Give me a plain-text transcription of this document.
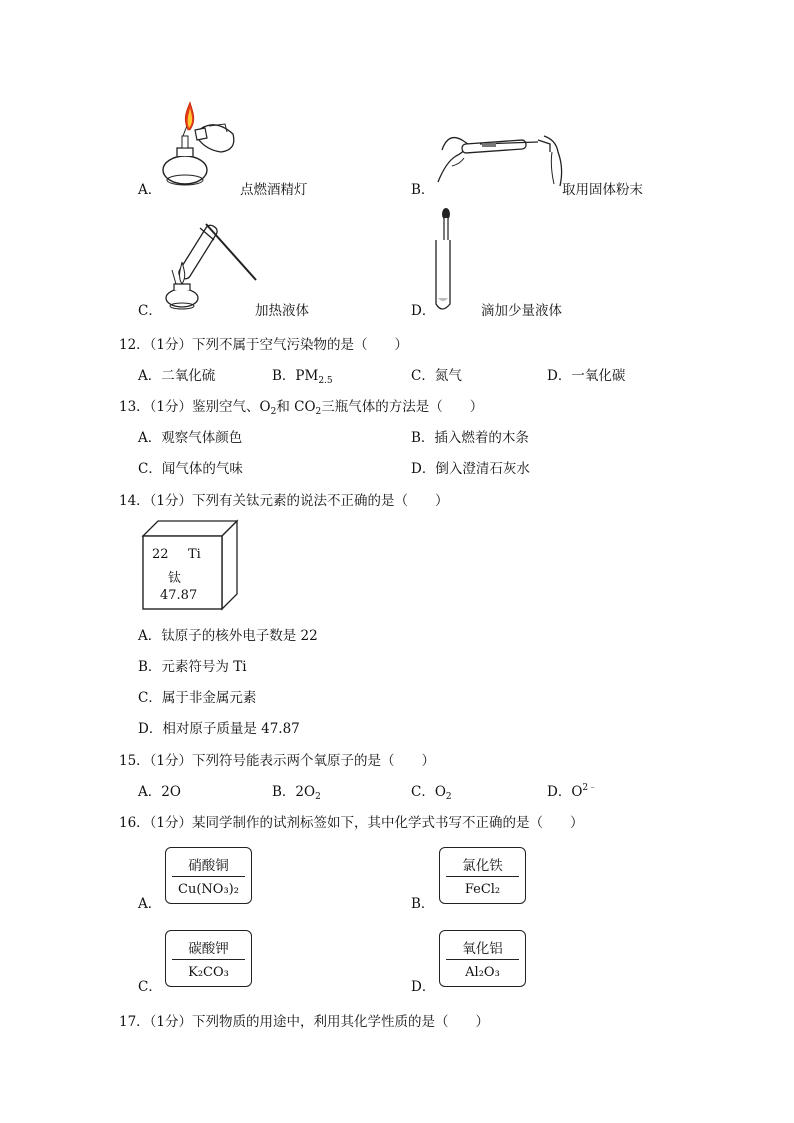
A．	点燃酒精灯	B．	取用固体粉末
C．	加热液体	D．	滴加少量液体
12．（1分）下列不属于空气污染物的是（　　）
A．二氧化硫	B．$PM_{2.5}$	C．氮气	D．一氧化碳
13．（1分）鉴别空气、$O_2$和 $CO_2$三瓶气体的方法是（　　）
A．观察气体颜色	B．插入燃着的木条
C．闻气体的气味	D．倒入澄清石灰水
14．（1分）下列有关钛元素的说法不正确的是（　　）
22 Ti
钛
47.87
A．钛原子的核外电子数是 22
B．元素符号为 Ti
C．属于非金属元素
D．相对原子质量是 47.87
15．（1分）下列符号能表示两个氧原子的是（　　）
A．2O	B．$2O_2$	C．$O_2$	D．$O^{2﹣}$
16．（1分）某同学制作的试剂标签如下，其中化学式书写不正确的是（　　）
A．
硝酸铜
Cu(NO₃)₂
B．
氯化铁
FeCl₂
C．
碳酸钾
K₂CO₃
D．
氧化铝
Al₂O₃
17．（1分）下列物质的用途中，利用其化学性质的是（　　）
